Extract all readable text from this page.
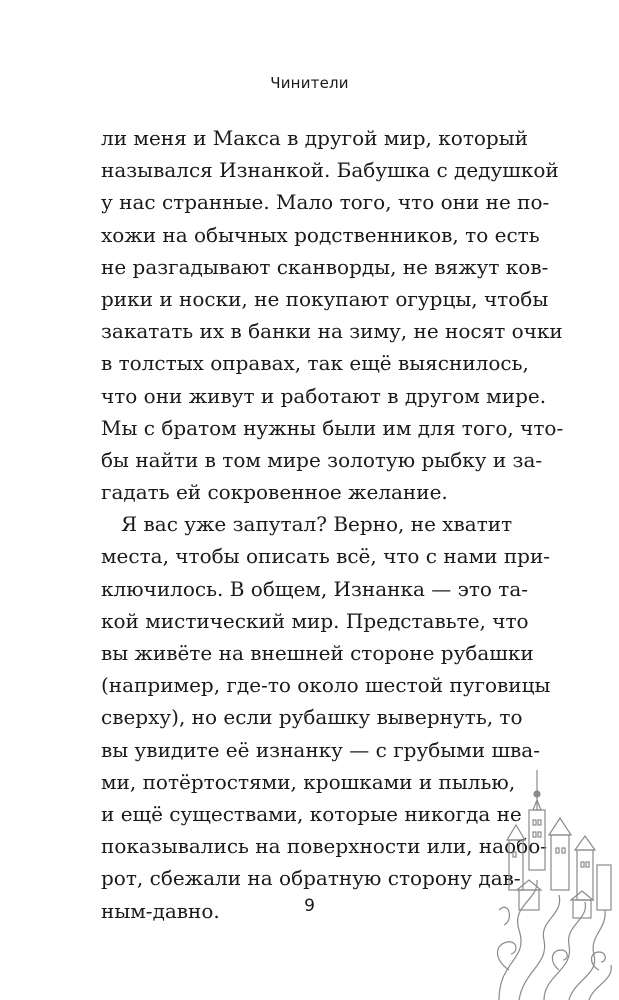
Чинители
ли меня и Макса в другой мир, который
назывался Изнанкой. Бабушка с дедушкой
у нас странные. Мало того, что они не по-
хожи на обычных родственников, то есть
не разгадывают сканворды, не вяжут ков-
рики и носки, не покупают огурцы, чтобы
закатать их в банки на зиму, не носят очки
в толстых оправах, так ещё выяснилось,
что они живут и работают в другом мире.
Мы с братом нужны были им для того, что-
бы найти в том мире золотую рыбку и за-
гадать ей сокровенное желание.
Я вас уже запутал? Верно, не хватит
места, чтобы описать всё, что с нами при-
ключилось. В общем, Изнанка — это та-
кой мистический мир. Представьте, что
вы живёте на внешней стороне рубашки
(например, где-то около шестой пуговицы
сверху), но если рубашку вывернуть, то
вы увидите её изнанку — с грубыми шва-
ми, потёртостями, крошками и пылью,
и ещё существами, которые никогда не
показывались на поверхности или, наобо-
рот, сбежали на обратную сторону дав-
ным-давно.	9
